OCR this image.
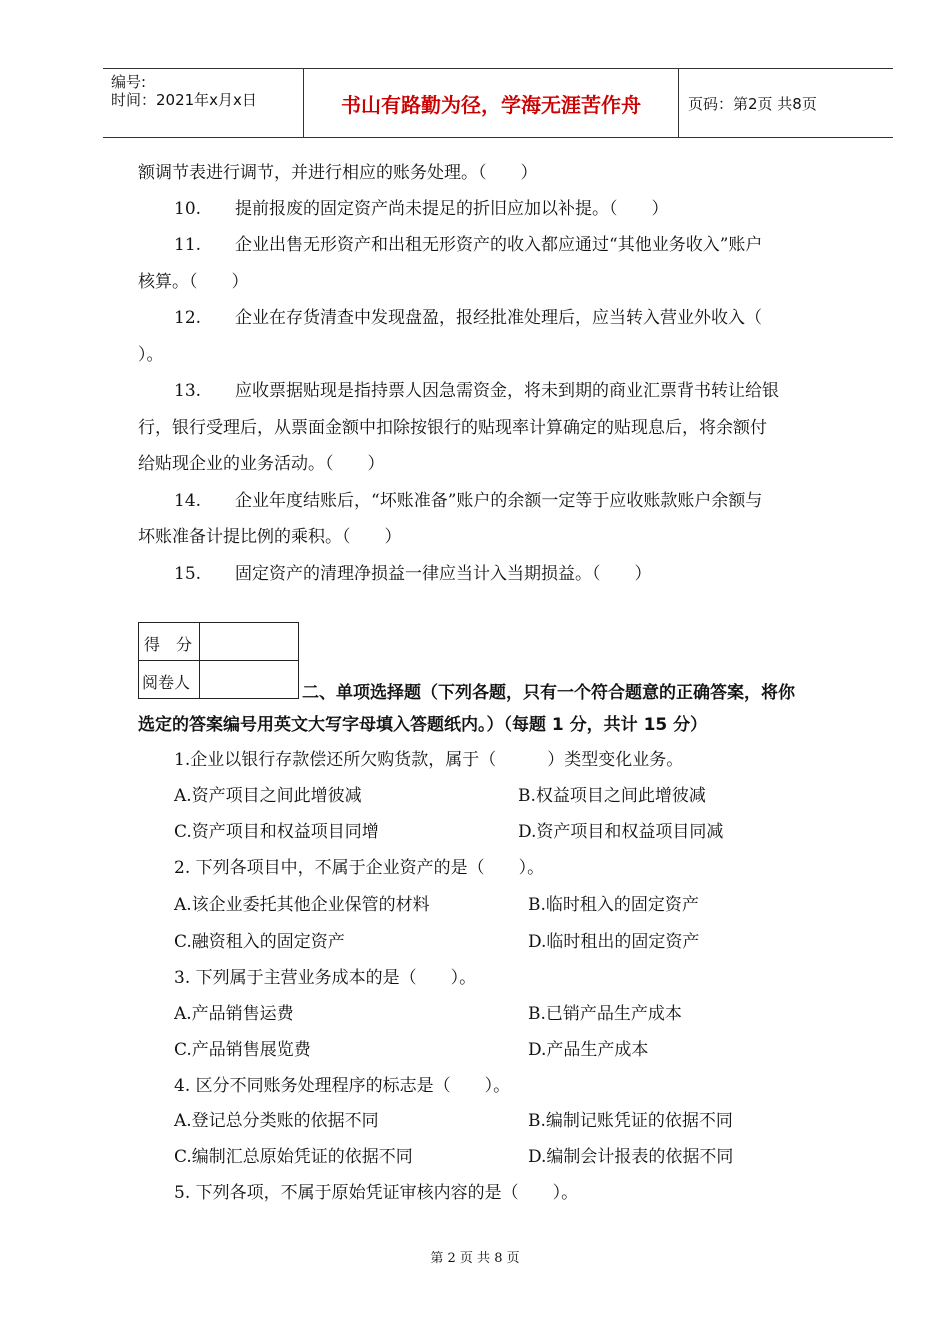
编号:
时间：2021年x月x日	书山有路勤为径，学海无涯苦作舟	页码：第2页 共8页
额调节表进行调节，并进行相应的账务处理。（　　）
10.　　提前报废的固定资产尚未提足的折旧应加以补提。（　　）
11.　　企业出售无形资产和出租无形资产的收入都应通过“其他业务收入”账户
核算。（　　）
12.　　企业在存货清查中发现盘盈，报经批准处理后，应当转入营业外收入（
）。
13.　　应收票据贴现是指持票人因急需资金，将未到期的商业汇票背书转让给银
行，银行受理后，从票面金额中扣除按银行的贴现率计算确定的贴现息后，将余额付
给贴现企业的业务活动。（　　）
14.　　企业年度结账后，“坏账准备”账户的余额一定等于应收账款账户余额与
坏账准备计提比例的乘积。（　　）
15.　　固定资产的清理净损益一律应当计入当期损益。（　　）
得　分
阅卷人
二、单项选择题（下列各题，只有一个符合题意的正确答案，将你
选定的答案编号用英文大写字母填入答题纸内。）（每题 1 分，共计 15 分）
1.企业以银行存款偿还所欠购货款，属于（　　　）类型变化业务。
A.资产项目之间此增彼减	B.权益项目之间此增彼减
C.资产项目和权益项目同增	D.资产项目和权益项目同减
2. 下列各项目中，不属于企业资产的是（　　）。
A.该企业委托其他企业保管的材料	B.临时租入的固定资产
C.融资租入的固定资产	D.临时租出的固定资产
3. 下列属于主营业务成本的是（　　）。
A.产品销售运费	B.已销产品生产成本
C.产品销售展览费	D.产品生产成本
4. 区分不同账务处理程序的标志是（　　）。
A.登记总分类账的依据不同	B.编制记账凭证的依据不同
C.编制汇总原始凭证的依据不同	D.编制会计报表的依据不同
5. 下列各项，不属于原始凭证审核内容的是（　　）。
第 2 页 共 8 页
